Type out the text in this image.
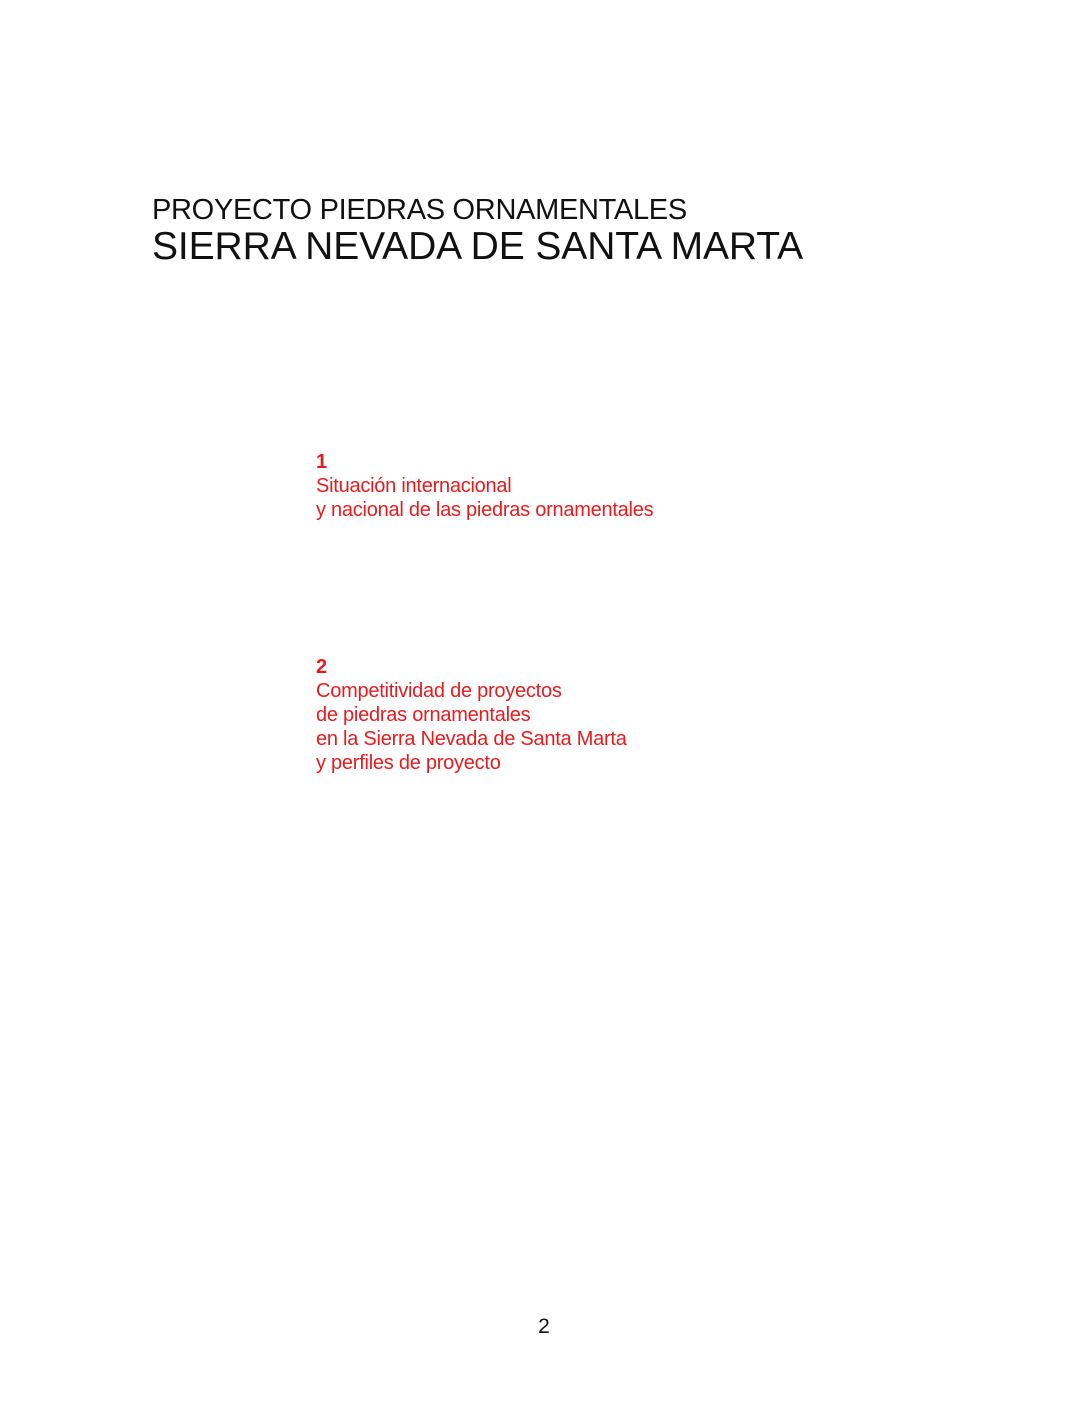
PROYECTO PIEDRAS ORNAMENTALES
SIERRA NEVADA DE SANTA MARTA
1
Situación internacional
y nacional de las piedras ornamentales
2
Competitividad de proyectos
de piedras ornamentales
en la Sierra Nevada de Santa Marta
y perfiles de proyecto
2
